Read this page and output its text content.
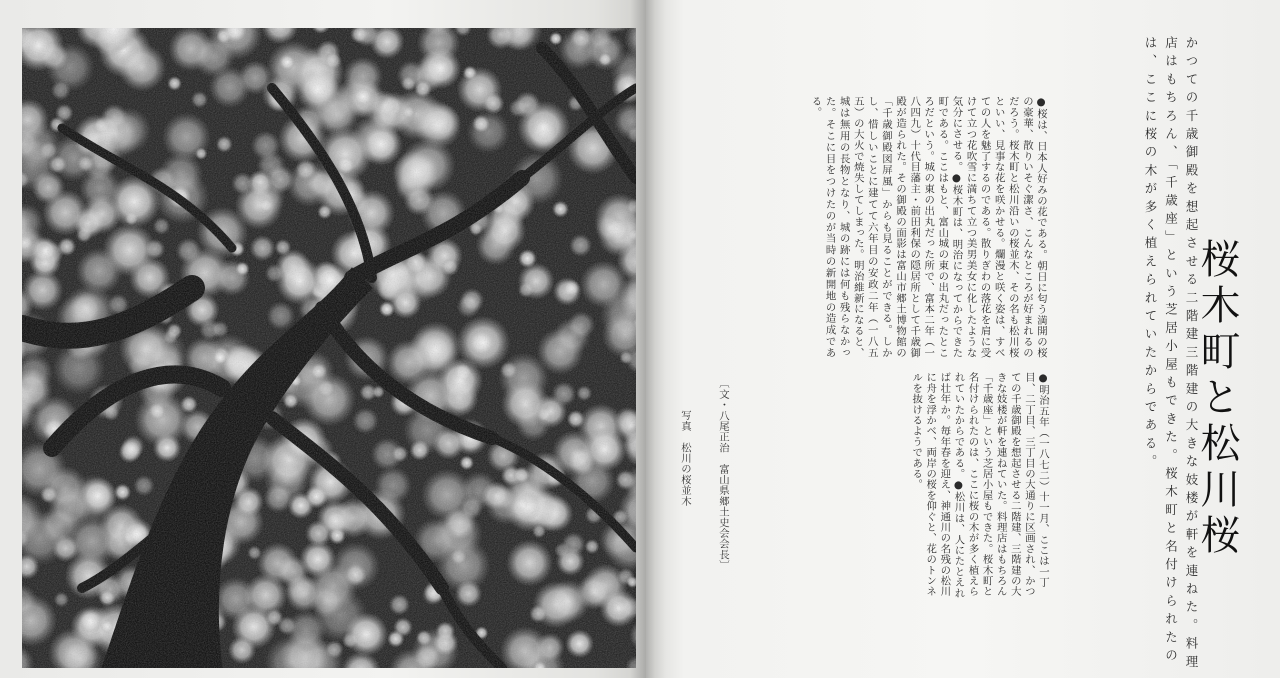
桜木町と松川桜
かつての千歳御殿を想起させる二階建三階建の大きな妓楼が軒を連ねた。料理店はもちろん、「千歳座」という芝居小屋もできた。桜木町と名付けられたのは、ここに桜の木が多く植えられていたからである。
●桜は、日本人好みの花である。朝日に匂う満開の桜の豪華、散りいそぐ潔さ、こんなところが好まれるのだろう。桜木町と松川沿いの桜並木、その名も松川桜といい、見事な花を咲かせる。爛漫と咲く姿は、すべての人を魅了するのである。散りぎわの落花を肩に受けて立つ花吹雪に満ちて立つ美男美女に化したような気分にさせる。●桜木町は、明治になってからできた町である。ここはもと、富山城の東の出丸だったところだという。城の東の出丸だった所で、富本二年（一八四九）十代目藩主・前田利保の隠居所として千歳御殿が造られた。その御殿の面影は富山市郷土博物館の「千歳御殿図屏風」からも見ることができる。しかし、惜しいことに建てて六年目の安政二年（一八五五）の大火で焼失してしまった。明治維新になると、城は無用の長物となり、城の跡には何も残らなかった。そこに目をつけたのが当時の新開地の造成である。
●明治五年（一八七二）十一月、ここは一丁目、二丁目、三丁目の大通りに区画され、かつての千歳御殿を想起させる二階建、三階建の大きな妓楼が軒を連ねていた。料理店はもちろん「千歳座」という芝居小屋もできた。桜木町と名付けられたのは、ここに桜の木が多く植えられていたからである。●松川は、人にたとえれば壮年か。毎年春を迎え、神通川の名残の松川に舟を浮かべ、両岸の桜を仰ぐと、花のトンネルを抜けるようである。
〔文・八尾正治　富山県郷土史会会長〕
写真　松川の桜並木
